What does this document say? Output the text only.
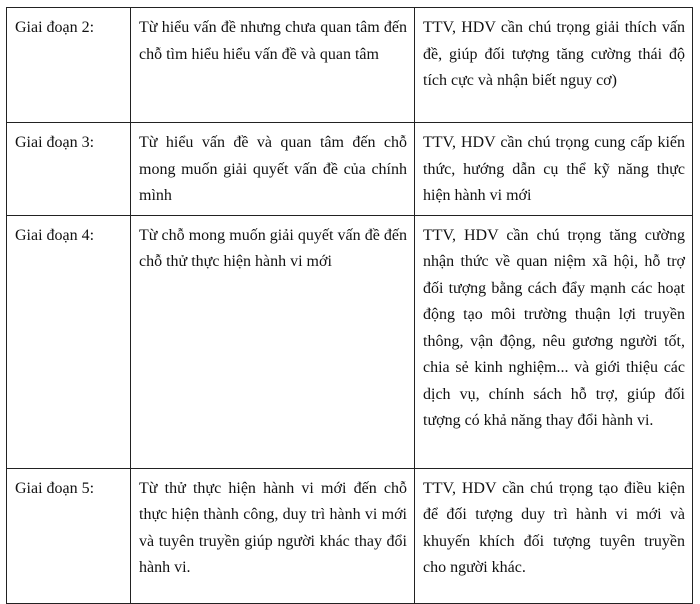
Giai đoạn 2:	Từ hiểu vấn đề nhưng chưa quan tâm đến chỗ tìm hiểu hiểu vấn đề và quan tâm	TTV, HDV cần chú trọng giải thích vấn đề, giúp đối tượng tăng cường thái độ tích cực và nhận biết nguy cơ)
Giai đoạn 3:	Từ hiểu vấn đề và quan tâm đến chỗ mong muốn giải quyết vấn đề của chính mình	TTV, HDV cần chú trọng cung cấp kiến thức, hướng dẫn cụ thể kỹ năng thực hiện hành vi mới
Giai đoạn 4:	Từ chỗ mong muốn giải quyết vấn đề đến chỗ thử thực hiện hành vi mới	TTV, HDV cần chú trọng tăng cường nhận thức về quan niệm xã hội, hỗ trợ đối tượng bằng cách đẩy mạnh các hoạt động tạo môi trường thuận lợi truyền thông, vận động, nêu gương người tốt, chia sẻ kinh nghiệm... và giới thiệu các dịch vụ, chính sách hỗ trợ, giúp đối tượng có khả năng thay đổi hành vi.
Giai đoạn 5:	Từ thử thực hiện hành vi mới đến chỗ thực hiện thành công, duy trì hành vi mới và tuyên truyền giúp người khác thay đổi hành vi.	TTV, HDV cần chú trọng tạo điều kiện để đối tượng duy trì hành vi mới và khuyến khích đối tượng tuyên truyền cho người khác.
